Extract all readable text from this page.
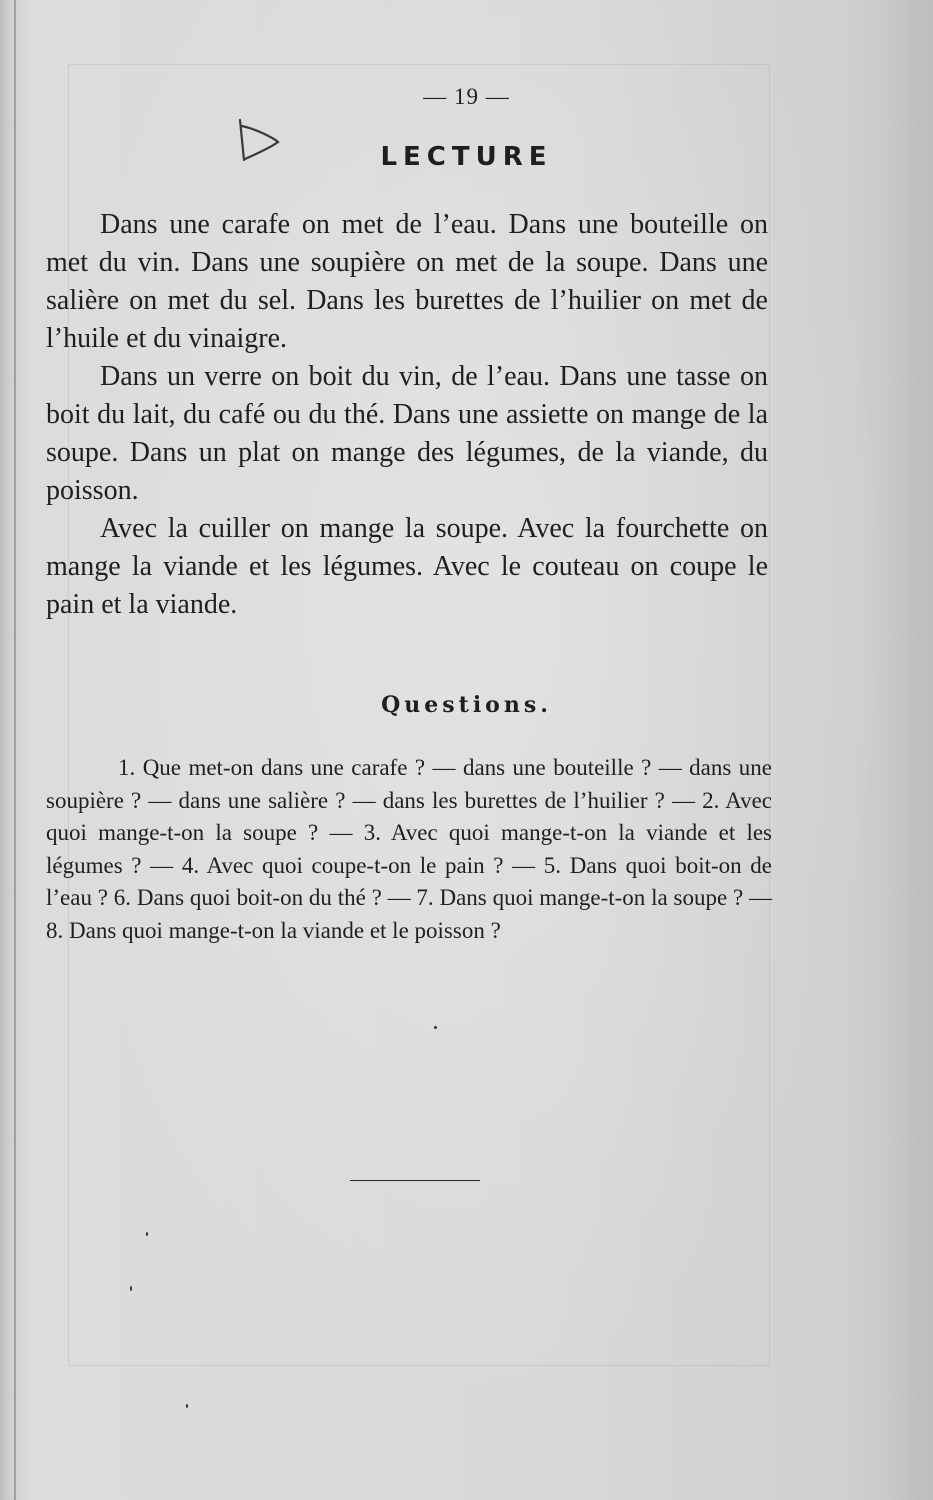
— 19 —

LECTURE

Dans une carafe on met de l’eau. Dans une bouteille on met du vin. Dans une soupière on met de la soupe. Dans une salière on met du sel. Dans les burettes de l’huilier on met de l’huile et du vinaigre.

Dans un verre on boit du vin, de l’eau. Dans une tasse on boit du lait, du café ou du thé. Dans une assiette on mange de la soupe. Dans un plat on mange des légumes, de la viande, du poisson.

Avec la cuiller on mange la soupe. Avec la fourchette on mange la viande et les légumes. Avec le couteau on coupe le pain et la viande.

Questions.

1. Que met-on dans une carafe ? — dans une bouteille ? — dans une soupière ? — dans une salière ? — dans les burettes de l’huilier ? — 2. Avec quoi mange-t-on la soupe ? — 3. Avec quoi mange-t-on la viande et les légumes ? — 4. Avec quoi coupe-t-on le pain ? — 5. Dans quoi boit-on de l’eau ? 6. Dans quoi boit-on du thé ? — 7. Dans quoi mange-t-on la soupe ? — 8. Dans quoi mange-t-on la viande et le poisson ?
